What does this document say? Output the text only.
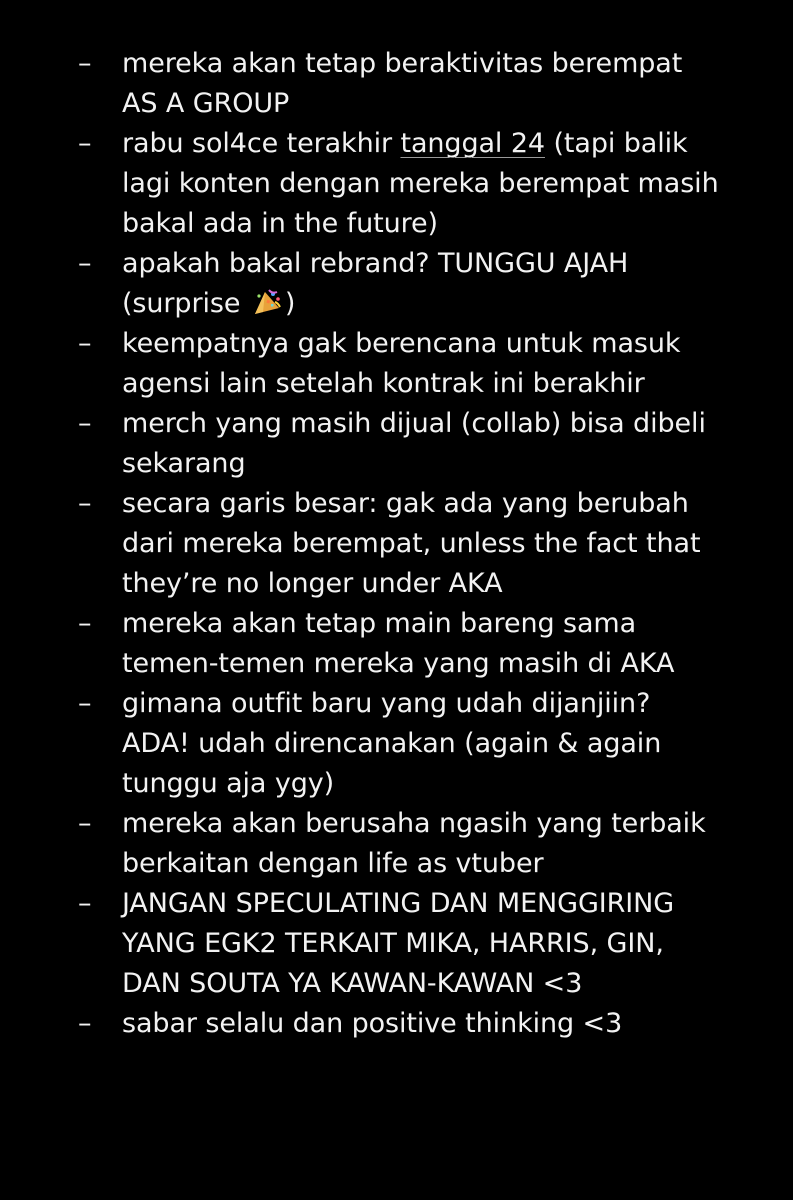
– mereka akan tetap beraktivitas berempat
AS A GROUP
– rabu sol4ce terakhir tanggal 24 (tapi balik
lagi konten dengan mereka berempat masih
bakal ada in the future)
– apakah bakal rebrand? TUNGGU AJAH
(surprise )
– keempatnya gak berencana untuk masuk
agensi lain setelah kontrak ini berakhir
– merch yang masih dijual (collab) bisa dibeli
sekarang
– secara garis besar: gak ada yang berubah
dari mereka berempat, unless the fact that
they’re no longer under AKA
– mereka akan tetap main bareng sama
temen-temen mereka yang masih di AKA
– gimana outfit baru yang udah dijanjiin?
ADA! udah direncanakan (again & again
tunggu aja ygy)
– mereka akan berusaha ngasih yang terbaik
berkaitan dengan life as vtuber
– JANGAN SPECULATING DAN MENGGIRING
YANG EGK2 TERKAIT MIKA, HARRIS, GIN,
DAN SOUTA YA KAWAN-KAWAN <3
– sabar selalu dan positive thinking <3
